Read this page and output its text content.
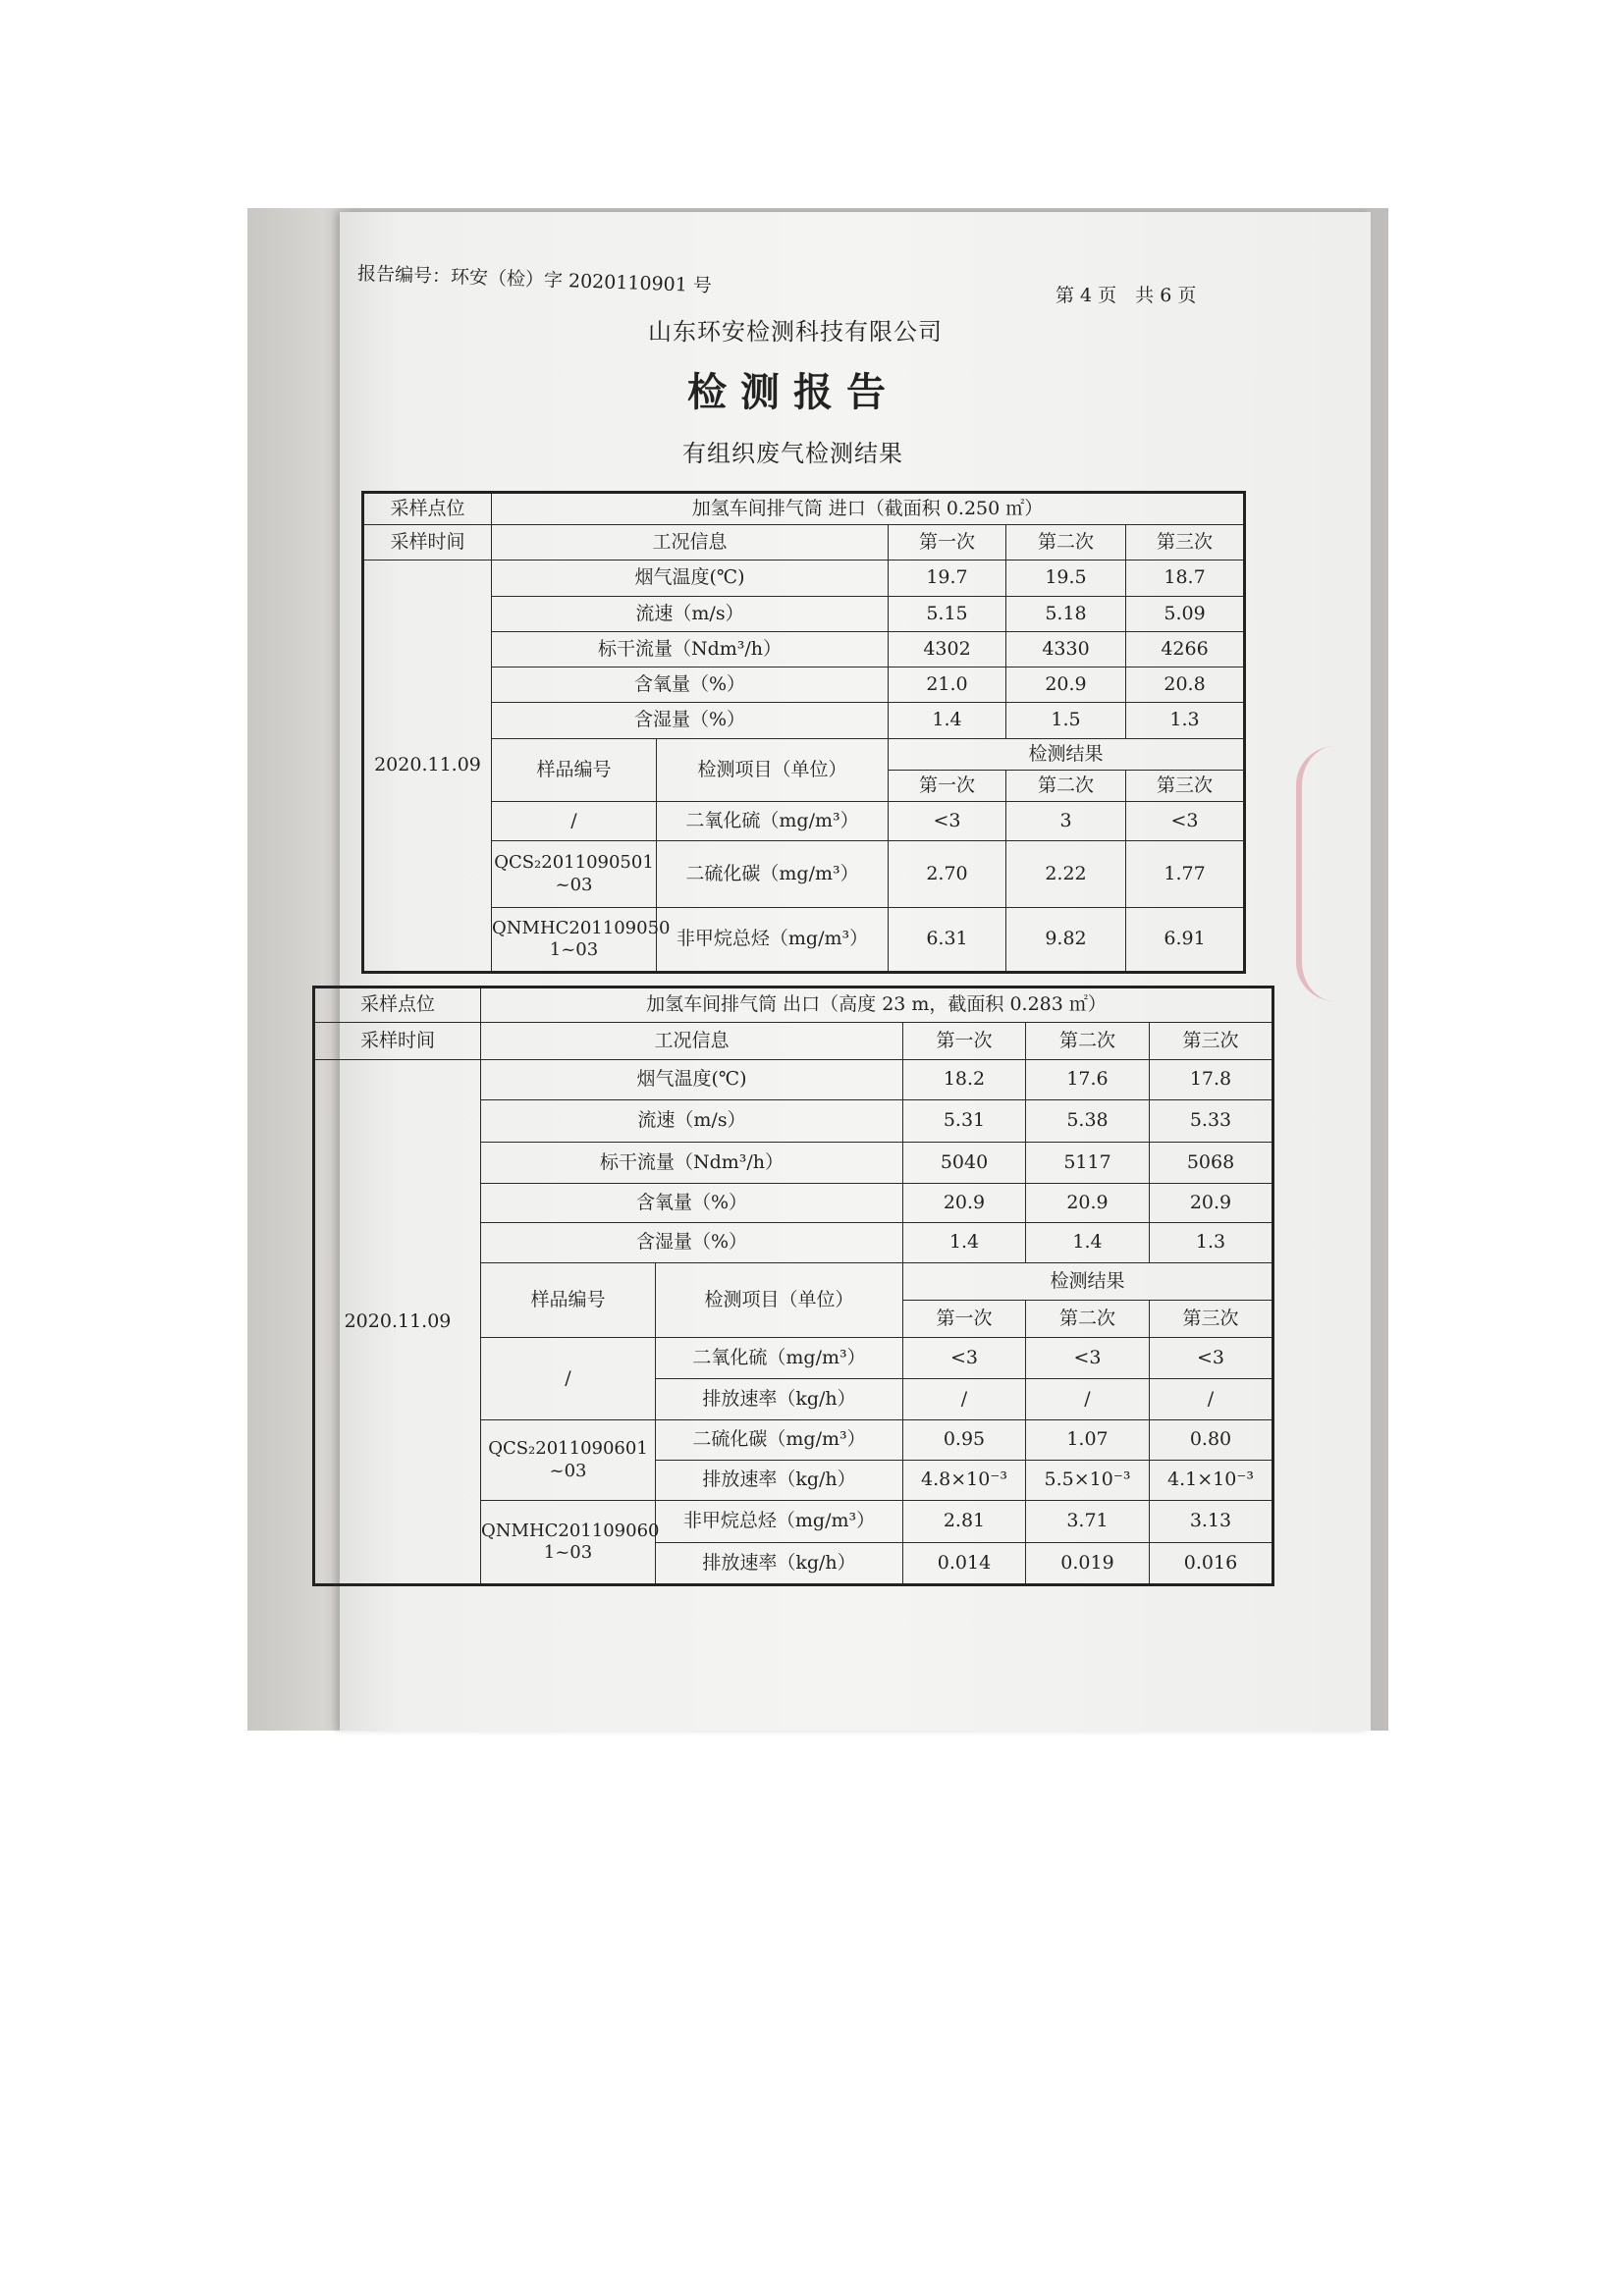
报告编号：环安（检）字 2020110901 号	第 4 页　共 6 页
山东环安检测科技有限公司
检测报告
有组织废气检测结果
采样点位	加氢车间排气筒 进口（截面积 0.250 ㎡）				
采样时间	工况信息		第一次	第二次	第三次
2020.11.09	烟气温度(℃)		19.7	19.5	18.7
	流速（m/s）		5.15	5.18	5.09
	标干流量（Ndm³/h）		4302	4330	4266
	含氧量（%）		21.0	20.9	20.8
	含湿量（%）		1.4	1.5	1.3
	样品编号	检测项目（单位）	检测结果		
			第一次	第二次	第三次
	/	二氧化硫（mg/m³）	<3	3	<3
	QCS₂2011090501 ~03	二硫化碳（mg/m³）	2.70	2.22	1.77
	QNMHC201109050 1~03	非甲烷总烃（mg/m³）	6.31	9.82	6.91
采样点位	加氢车间排气筒 出口（高度 23 m，截面积 0.283 ㎡）				
采样时间	工况信息		第一次	第二次	第三次
2020.11.09	烟气温度(℃)		18.2	17.6	17.8
	流速（m/s）		5.31	5.38	5.33
	标干流量（Ndm³/h）		5040	5117	5068
	含氧量（%）		20.9	20.9	20.9
	含湿量（%）		1.4	1.4	1.3
	样品编号	检测项目（单位）	检测结果		
			第一次	第二次	第三次
	/	二氧化硫（mg/m³）	<3	<3	<3
		排放速率（kg/h）	/	/	/
	QCS₂2011090601 ~03	二硫化碳（mg/m³）	0.95	1.07	0.80
		排放速率（kg/h）	4.8×10⁻³	5.5×10⁻³	4.1×10⁻³
	QNMHC201109060 1~03	非甲烷总烃（mg/m³）	2.81	3.71	3.13
		排放速率（kg/h）	0.014	0.019	0.016
